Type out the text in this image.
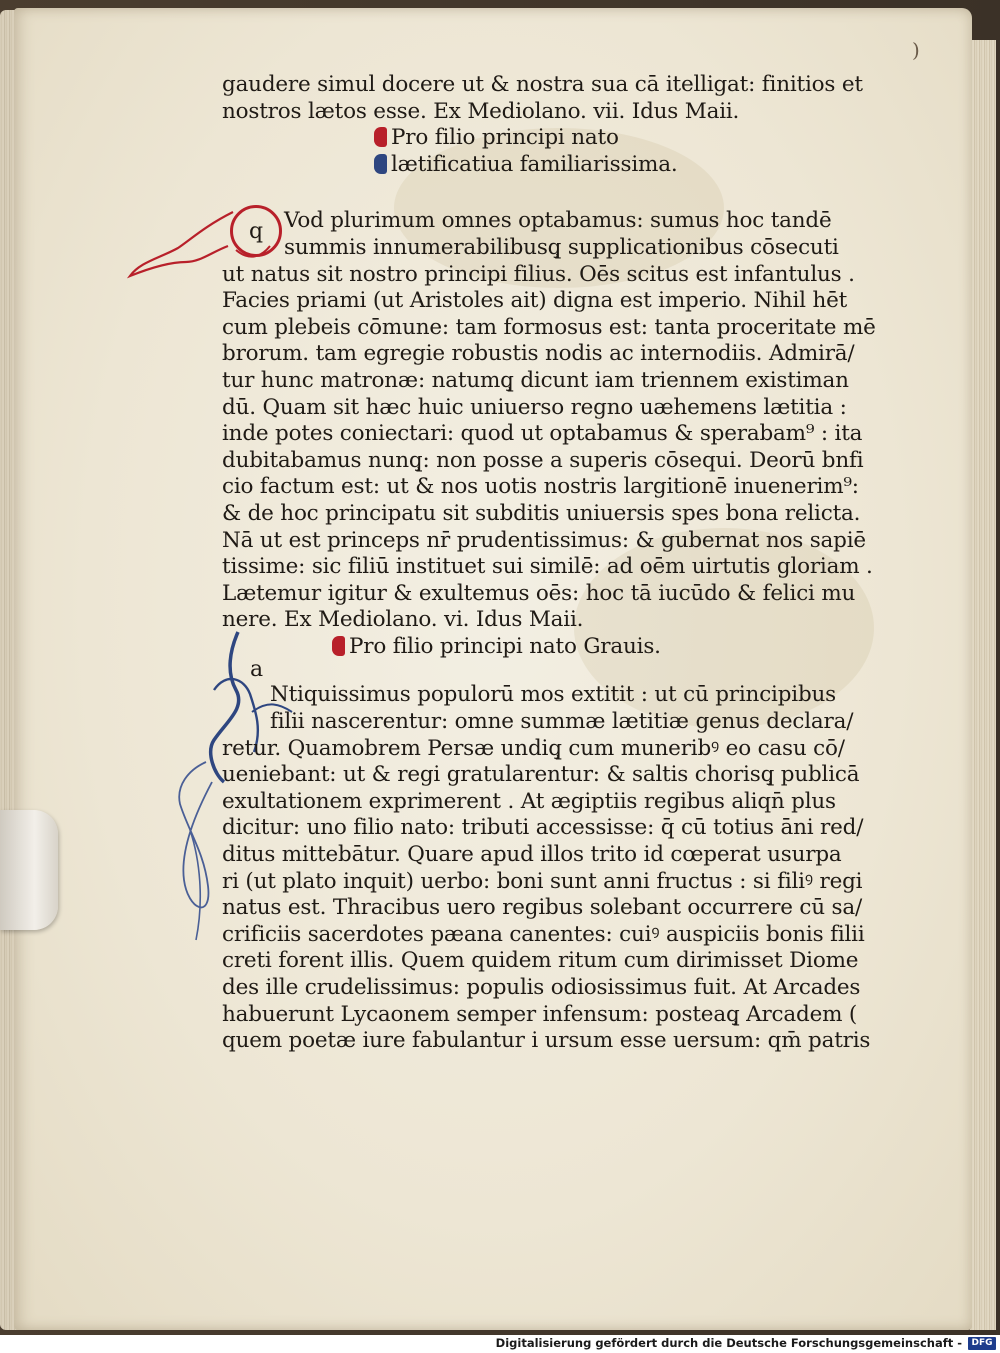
)
q
a
gaudere simul docere ut & nostra sua cā itelligat: finitios et
nostros lætos esse. Ex Mediolano. vii. Idus Maii.
Pro filio principi nato
lætificatiua familiarissima.
Vod plurimum omnes optabamus: sumus hoc tandē
summis innumerabilibusq̧ supplicationibus cōsecuti
ut natus sit nostro principi filius. Oēs scitus est infantulus .
Facies priami (ut Aristoles ait) digna est imperio. Nihil hēt
cum plebeis cōmune: tam formosus est: tanta proceritate mē
brorum. tam egregie robustis nodis ac internodiis. Admirā/
tur hunc matronæ: natumq̧ dicunt iam triennem existiman
dū. Quam sit hæc huic uniuerso regno uæhemens lætitia :
inde potes coniectari: quod ut optabamus & sperabam⁹ : ita
dubitabamus nunq̧: non posse a superis cōsequi. Deorū bnfi
cio factum est: ut & nos uotis nostris largitionē inuenerim⁹:
& de hoc principatu sit subditis uniuersis spes bona relicta.
Nā ut est princeps nr̄ prudentissimus: & gubernat nos sapiē
tissime: sic filiū instituet sui similē: ad oēm uirtutis gloriam .
Lætemur igitur & exultemus oēs: hoc tā iucūdo & felici mu
nere. Ex Mediolano. vi. Idus Maii.
Pro filio principi nato Grauis.
Ntiquissimus populorū mos extitit : ut cū principibus
filii nascerentur: omne summæ lætitiæ genus declara/
retur. Quamobrem Persæ undiq̧ cum muneribꝰ eo casu cō/
ueniebant: ut & regi gratularentur: & saltis chorisq̧ publicā
exultationem exprimerent . At ægiptiis regibus aliqn̄ plus
dicitur: uno filio nato: tributi accessisse: q̄ cū totius āni red/
ditus mittebātur. Quare apud illos trito id cœperat usurpa
ri (ut plato inquit) uerbo: boni sunt anni fructus : si filiꝰ regi
natus est. Thracibus uero regibus solebant occurrere cū sa/
crificiis sacerdotes pæana canentes: cuiꝰ auspiciis bonis filii
creti forent illis. Quem quidem ritum cum dirimisset Diome
des ille crudelissimus: populis odiosissimus fuit. At Arcades
habuerunt Lycaonem semper infensum: posteaq̧ Arcadem (
quem poetæ iure fabulantur i ursum esse uersum: qm̄ patris
Digitalisierung gefördert durch die Deutsche Forschungsgemeinschaft -	DFG
